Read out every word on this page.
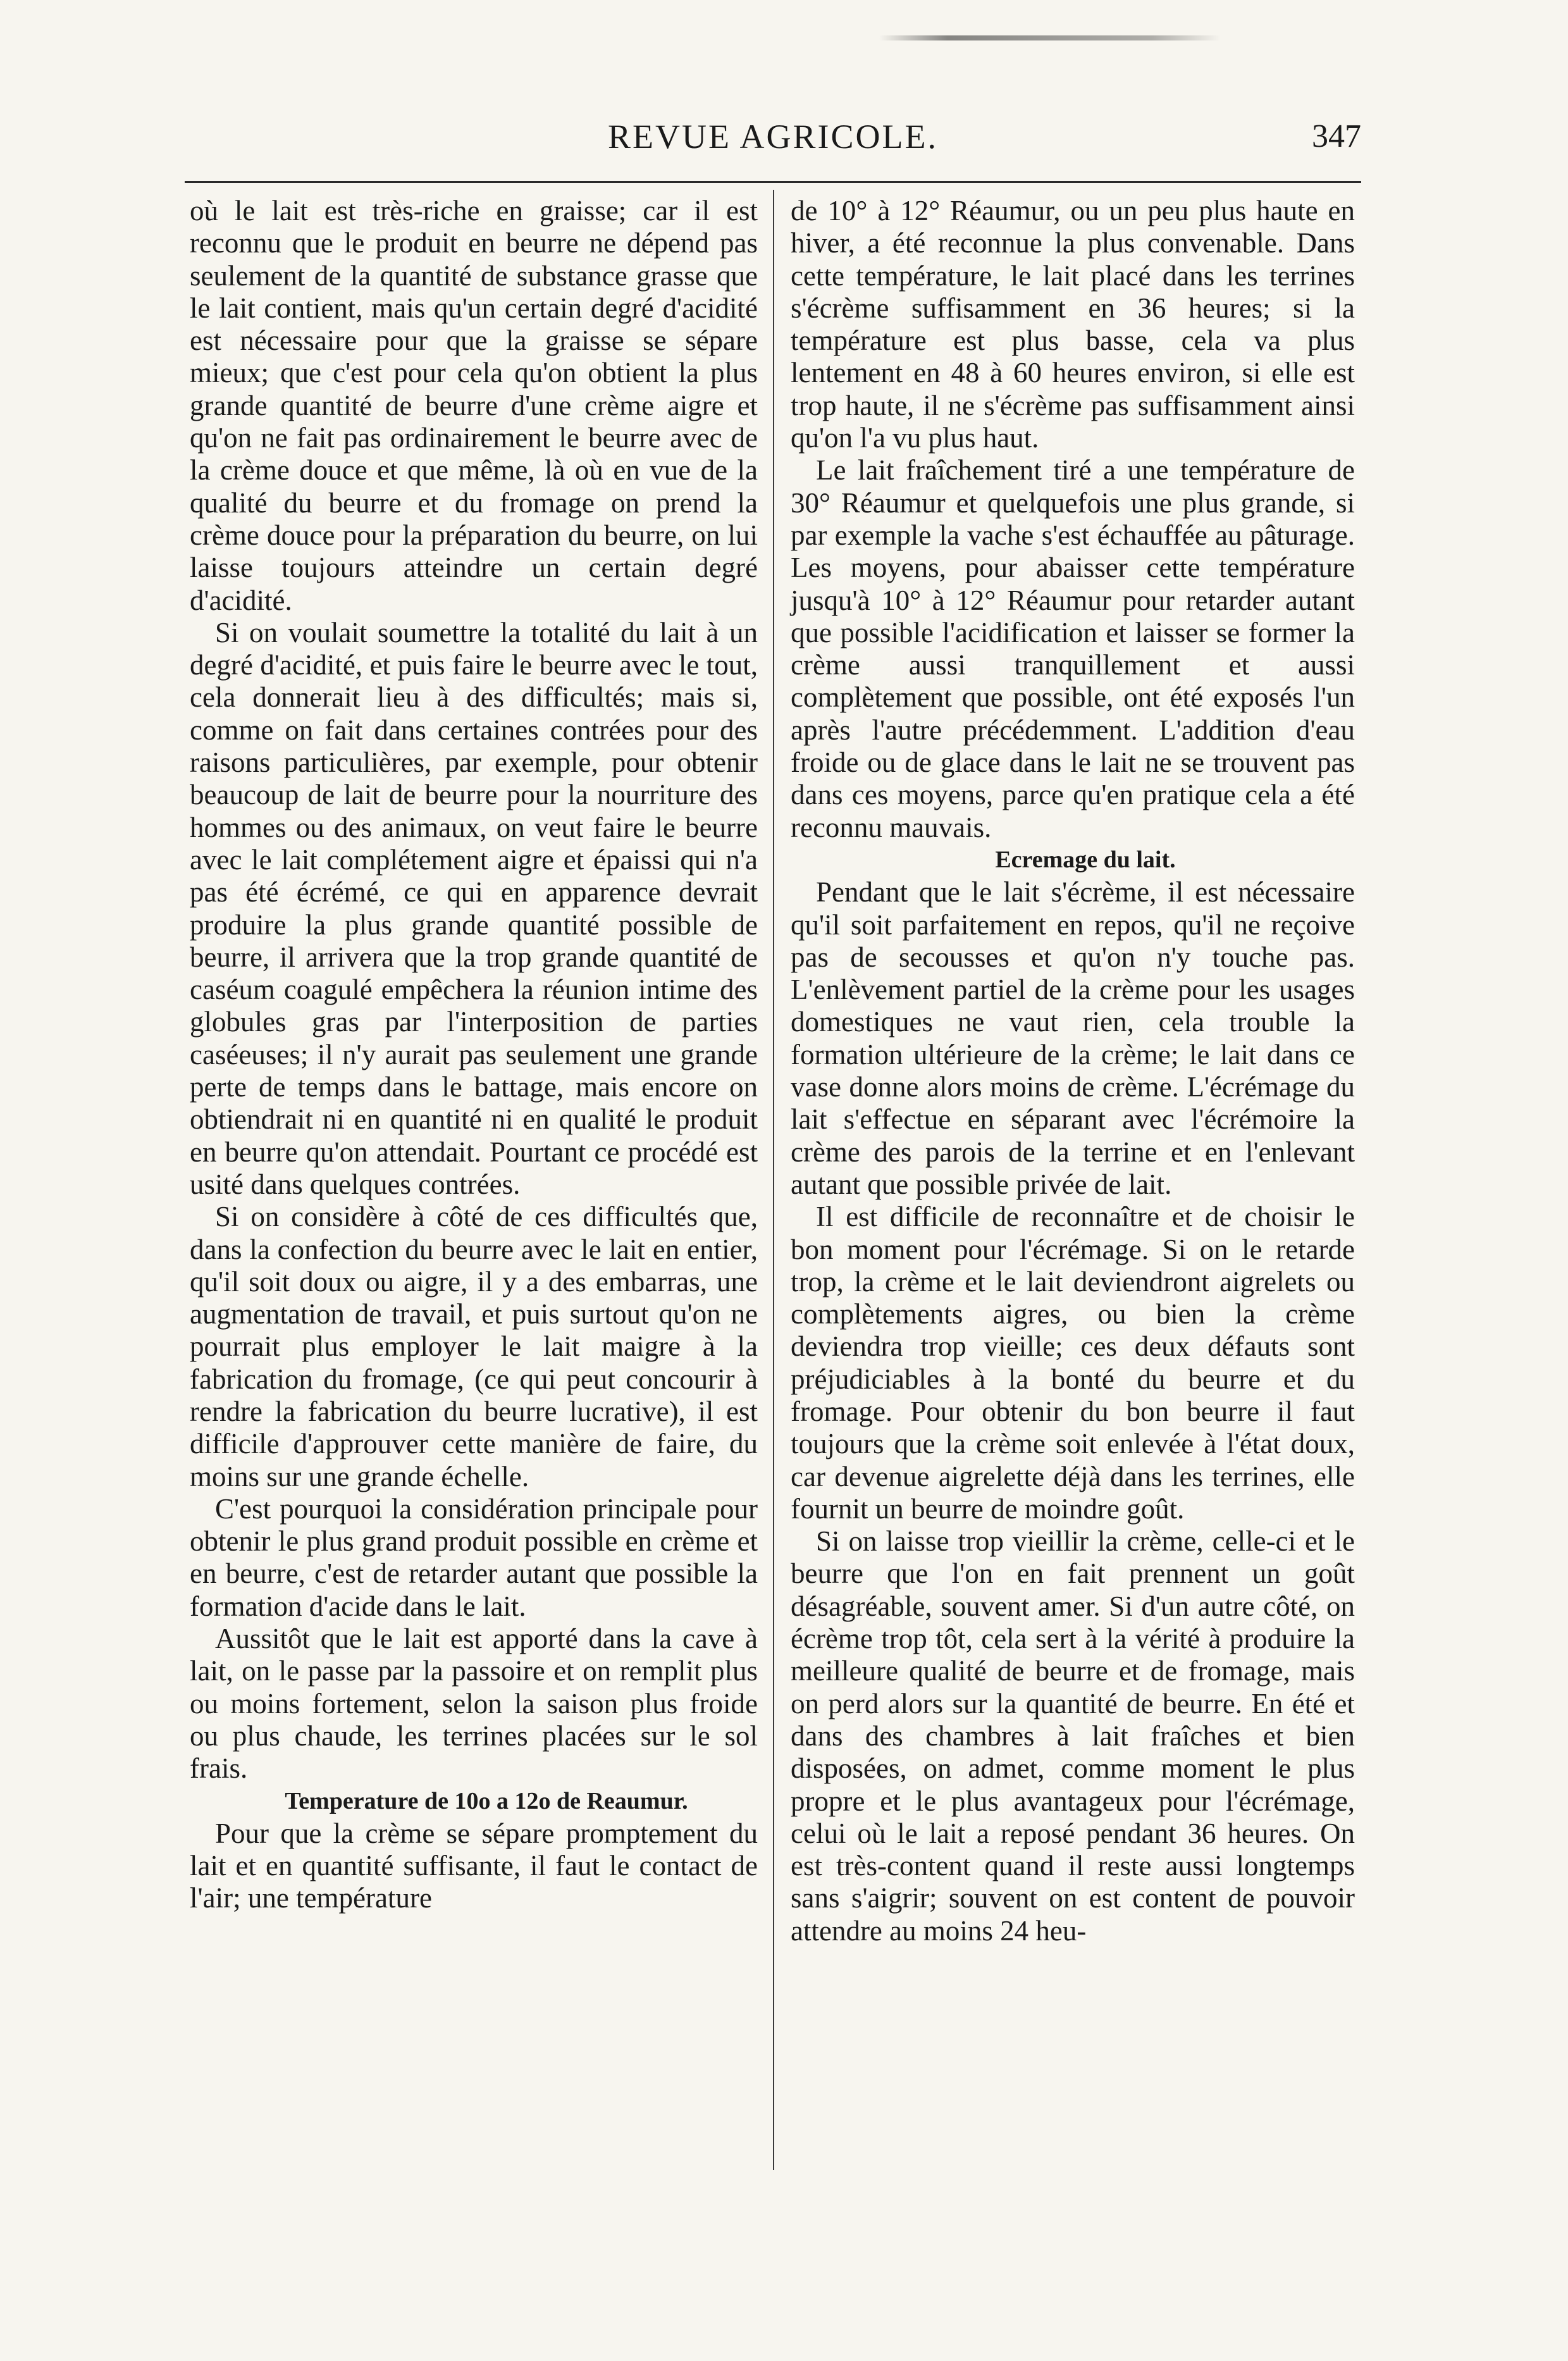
REVUE AGRICOLE.	347

où le lait est très-riche en graisse; car il est reconnu que le produit en beurre ne dépend pas seulement de la quantité de substance grasse que le lait contient, mais qu'un certain degré d'acidité est nécessaire pour que la graisse se sépare mieux; que c'est pour cela qu'on obtient la plus grande quantité de beurre d'une crème aigre et qu'on ne fait pas ordinairement le beurre avec de la crème douce et que même, là où en vue de la qualité du beurre et du fromage on prend la crème douce pour la préparation du beurre, on lui laisse toujours atteindre un certain degré d'acidité.

Si on voulait soumettre la totalité du lait à un degré d'acidité, et puis faire le beurre avec le tout, cela donnerait lieu à des difficultés; mais si, comme on fait dans certaines contrées pour des raisons particulières, par exemple, pour obtenir beaucoup de lait de beurre pour la nourriture des hommes ou des animaux, on veut faire le beurre avec le lait complétement aigre et épaissi qui n'a pas été écrémé, ce qui en apparence devrait produire la plus grande quantité possible de beurre, il arrivera que la trop grande quantité de caséum coagulé empêchera la réunion intime des globules gras par l'interposition de parties caséeuses; il n'y aurait pas seulement une grande perte de temps dans le battage, mais encore on obtiendrait ni en quantité ni en qualité le produit en beurre qu'on attendait. Pourtant ce procédé est usité dans quelques contrées.

Si on considère à côté de ces difficultés que, dans la confection du beurre avec le lait en entier, qu'il soit doux ou aigre, il y a des embarras, une augmentation de travail, et puis surtout qu'on ne pourrait plus employer le lait maigre à la fabrication du fromage, (ce qui peut concourir à rendre la fabrication du beurre lucrative), il est difficile d'approuver cette manière de faire, du moins sur une grande échelle.

C'est pourquoi la considération principale pour obtenir le plus grand produit possible en crème et en beurre, c'est de retarder autant que possible la formation d'acide dans le lait.

Aussitôt que le lait est apporté dans la cave à lait, on le passe par la passoire et on remplit plus ou moins fortement, selon la saison plus froide ou plus chaude, les terrines placées sur le sol frais.

Temperature de 10o a 12o de Reaumur.

Pour que la crème se sépare promptement du lait et en quantité suffisante, il faut le contact de l'air; une température

de 10° à 12° Réaumur, ou un peu plus haute en hiver, a été reconnue la plus convenable. Dans cette température, le lait placé dans les terrines s'écrème suffisamment en 36 heures; si la température est plus basse, cela va plus lentement en 48 à 60 heures environ, si elle est trop haute, il ne s'écrème pas suffisamment ainsi qu'on l'a vu plus haut.

Le lait fraîchement tiré a une température de 30° Réaumur et quelquefois une plus grande, si par exemple la vache s'est échauffée au pâturage. Les moyens, pour abaisser cette température jusqu'à 10° à 12° Réaumur pour retarder autant que possible l'acidification et laisser se former la crème aussi tranquillement et aussi complètement que possible, ont été exposés l'un après l'autre précédemment. L'addition d'eau froide ou de glace dans le lait ne se trouvent pas dans ces moyens, parce qu'en pratique cela a été reconnu mauvais.

Ecremage du lait.

Pendant que le lait s'écrème, il est nécessaire qu'il soit parfaitement en repos, qu'il ne reçoive pas de secousses et qu'on n'y touche pas. L'enlèvement partiel de la crème pour les usages domestiques ne vaut rien, cela trouble la formation ultérieure de la crème; le lait dans ce vase donne alors moins de crème. L'écrémage du lait s'effectue en séparant avec l'écrémoire la crème des parois de la terrine et en l'enlevant autant que possible privée de lait.

Il est difficile de reconnaître et de choisir le bon moment pour l'écrémage. Si on le retarde trop, la crème et le lait deviendront aigrelets ou complètements aigres, ou bien la crème deviendra trop vieille; ces deux défauts sont préjudiciables à la bonté du beurre et du fromage. Pour obtenir du bon beurre il faut toujours que la crème soit enlevée à l'état doux, car devenue aigrelette déjà dans les terrines, elle fournit un beurre de moindre goût.

Si on laisse trop vieillir la crème, celle-ci et le beurre que l'on en fait prennent un goût désagréable, souvent amer. Si d'un autre côté, on écrème trop tôt, cela sert à la vérité à produire la meilleure qualité de beurre et de fromage, mais on perd alors sur la quantité de beurre. En été et dans des chambres à lait fraîches et bien disposées, on admet, comme moment le plus propre et le plus avantageux pour l'écrémage, celui où le lait a reposé pendant 36 heures. On est très-content quand il reste aussi longtemps sans s'aigrir; souvent on est content de pouvoir attendre au moins 24 heu-
